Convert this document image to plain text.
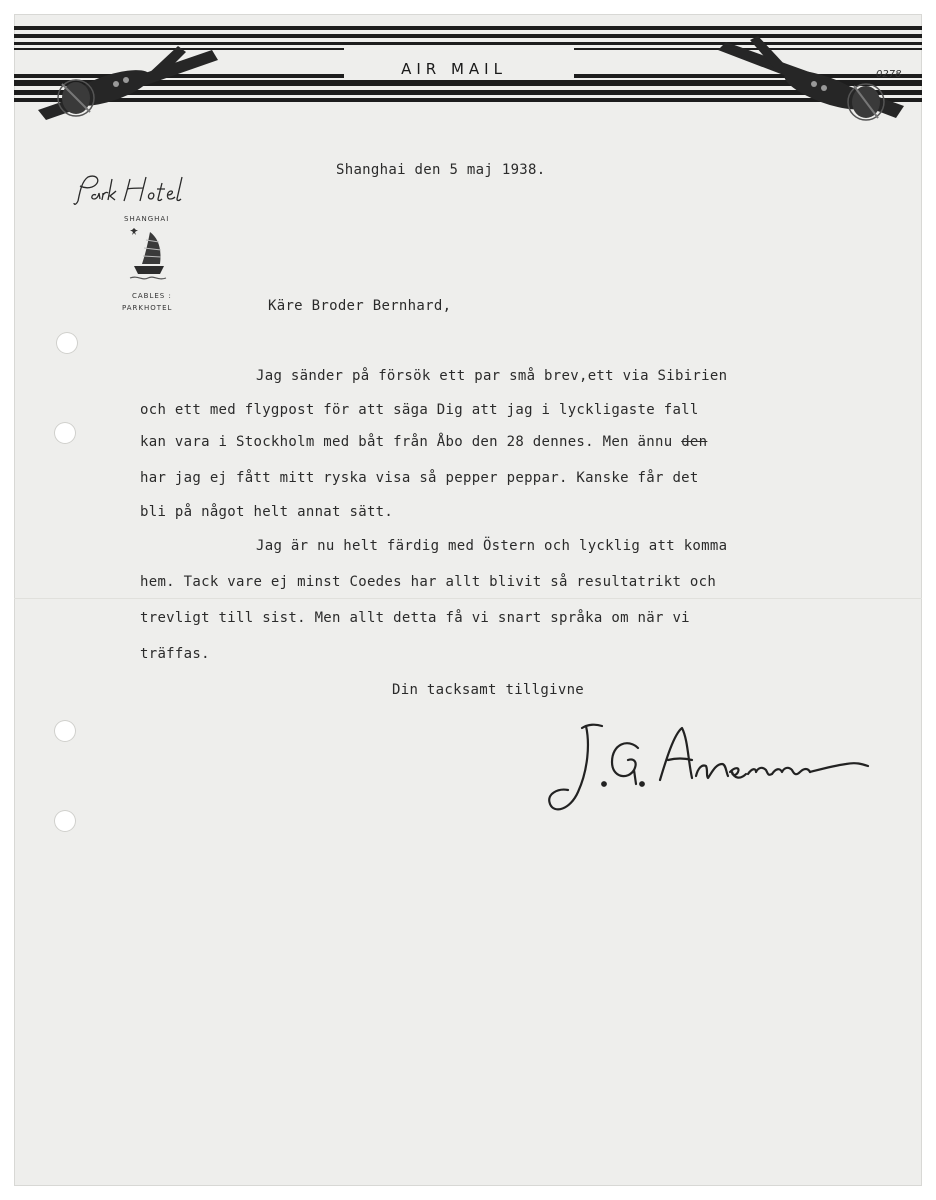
AIR MAIL	0278
SHANGHAI
CABLES :
PARKHOTEL
Shanghai den 5 maj 1938.
Käre Broder Bernhard,
Jag sänder på försök ett par små brev,ett via Sibirien
och ett med flygpost för att säga Dig att jag i lyckligaste fall
kan vara i Stockholm med båt från Åbo den 28 dennes. Men ännu den
har jag ej fått mitt ryska visa så pepper peppar. Kanske får det
bli på något helt annat sätt.
Jag är nu helt färdig med Östern och lycklig att komma
hem. Tack vare ej minst Coedes har allt blivit så resultatrikt och
trevligt till sist. Men allt detta få vi snart språka om när vi
träffas.
Din tacksamt tillgivne
